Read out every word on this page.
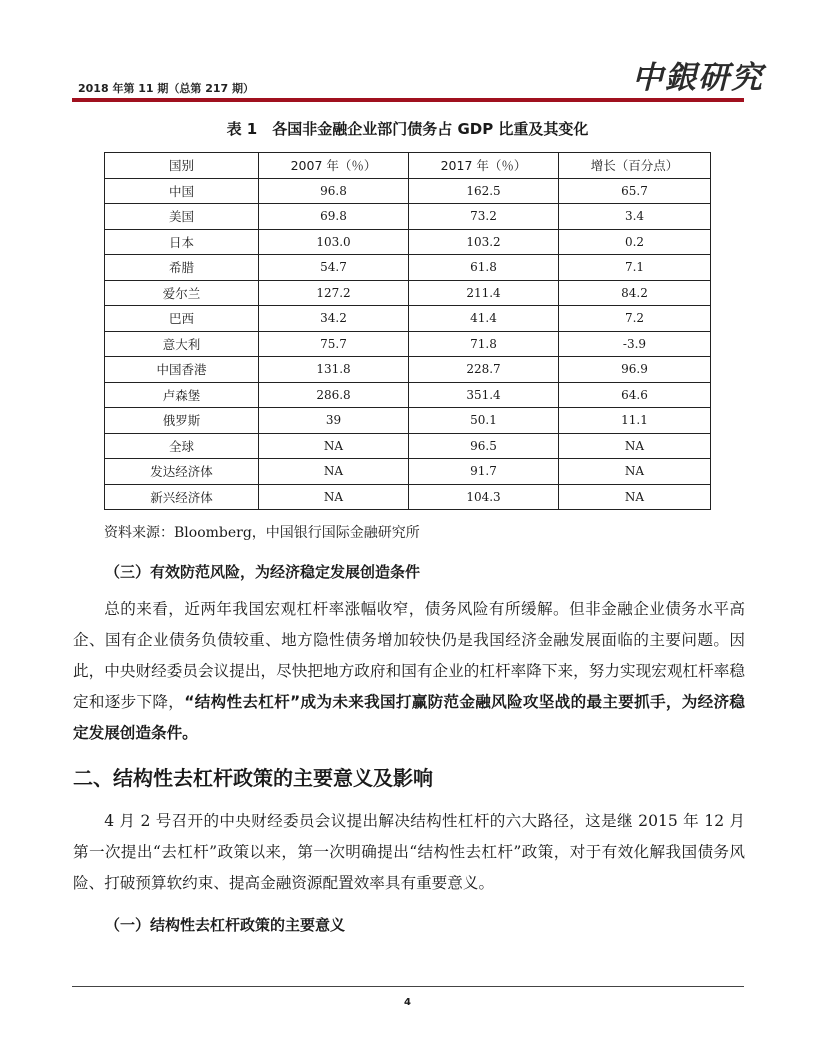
2018 年第 11 期（总第 217 期）	中銀研究
表 1　各国非金融企业部门债务占 GDP 比重及其变化
国别	2007 年（％）	2017 年（％）	增长（百分点）
中国	96.8	162.5	65.7
美国	69.8	73.2	3.4
日本	103.0	103.2	0.2
希腊	54.7	61.8	7.1
爱尔兰	127.2	211.4	84.2
巴西	34.2	41.4	7.2
意大利	75.7	71.8	-3.9
中国香港	131.8	228.7	96.9
卢森堡	286.8	351.4	64.6
俄罗斯	39	50.1	11.1
全球	NA	96.5	NA
发达经济体	NA	91.7	NA
新兴经济体	NA	104.3	NA
资料来源：Bloomberg，中国银行国际金融研究所
（三）有效防范风险，为经济稳定发展创造条件

总的来看，近两年我国宏观杠杆率涨幅收窄，债务风险有所缓解。但非金融企业债务水平高企、国有企业债务负债较重、地方隐性债务增加较快仍是我国经济金融发展面临的主要问题。因此，中央财经委员会议提出，尽快把地方政府和国有企业的杠杆率降下来，努力实现宏观杠杆率稳定和逐步下降，“结构性去杠杆”成为未来我国打赢防范金融风险攻坚战的最主要抓手，为经济稳定发展创造条件。

二、结构性去杠杆政策的主要意义及影响

4 月 2 号召开的中央财经委员会议提出解决结构性杠杆的六大路径，这是继 2015 年 12 月第一次提出“去杠杆”政策以来，第一次明确提出“结构性去杠杆”政策，对于有效化解我国债务风险、打破预算软约束、提高金融资源配置效率具有重要意义。

（一）结构性去杠杆政策的主要意义
4
